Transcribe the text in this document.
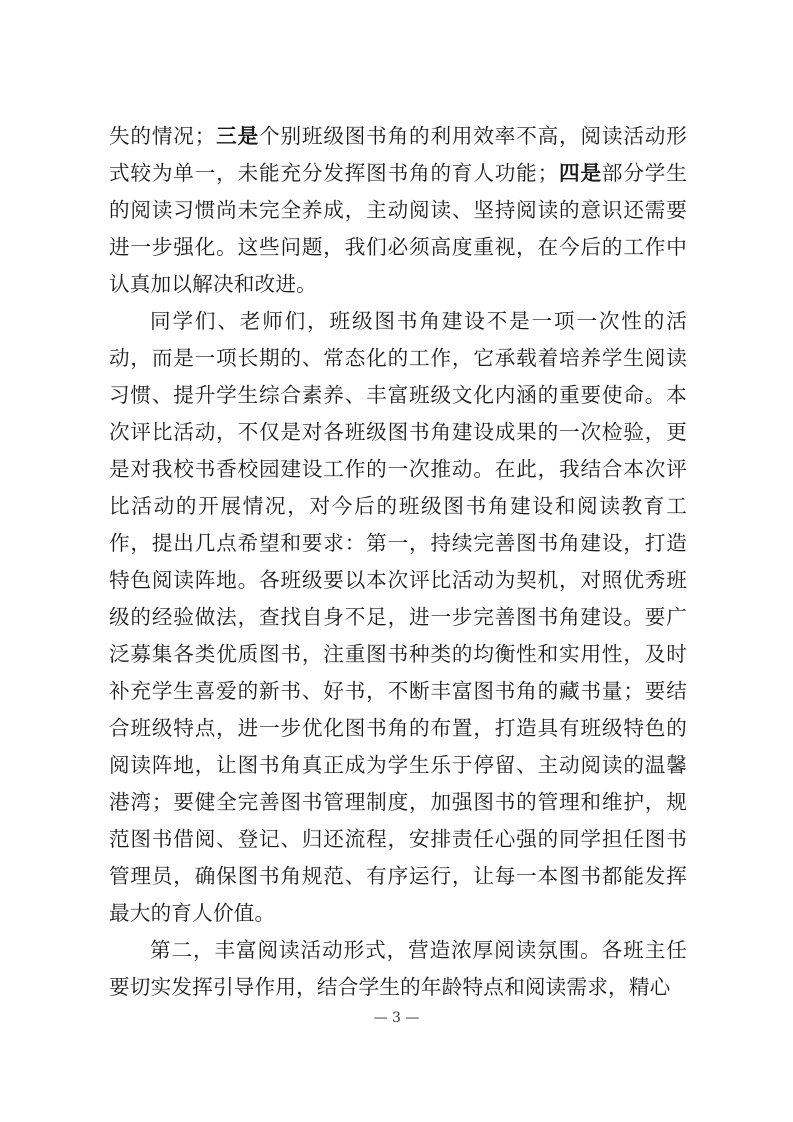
失的情况；三是个别班级图书角的利用效率不高，阅读活动形式较为单一，未能充分发挥图书角的育人功能；四是部分学生的阅读习惯尚未完全养成，主动阅读、坚持阅读的意识还需要进一步强化。这些问题，我们必须高度重视，在今后的工作中认真加以解决和改进。

同学们、老师们，班级图书角建设不是一项一次性的活动，而是一项长期的、常态化的工作，它承载着培养学生阅读习惯、提升学生综合素养、丰富班级文化内涵的重要使命。本次评比活动，不仅是对各班级图书角建设成果的一次检验，更是对我校书香校园建设工作的一次推动。在此，我结合本次评比活动的开展情况，对今后的班级图书角建设和阅读教育工作，提出几点希望和要求：第一，持续完善图书角建设，打造特色阅读阵地。各班级要以本次评比活动为契机，对照优秀班级的经验做法，查找自身不足，进一步完善图书角建设。要广泛募集各类优质图书，注重图书种类的均衡性和实用性，及时补充学生喜爱的新书、好书，不断丰富图书角的藏书量；要结合班级特点，进一步优化图书角的布置，打造具有班级特色的阅读阵地，让图书角真正成为学生乐于停留、主动阅读的温馨港湾；要健全完善图书管理制度，加强图书的管理和维护，规范图书借阅、登记、归还流程，安排责任心强的同学担任图书管理员，确保图书角规范、有序运行，让每一本图书都能发挥最大的育人价值。

第二，丰富阅读活动形式，营造浓厚阅读氛围。各班主任要切实发挥引导作用，结合学生的年龄特点和阅读需求，精心

— 3 —
